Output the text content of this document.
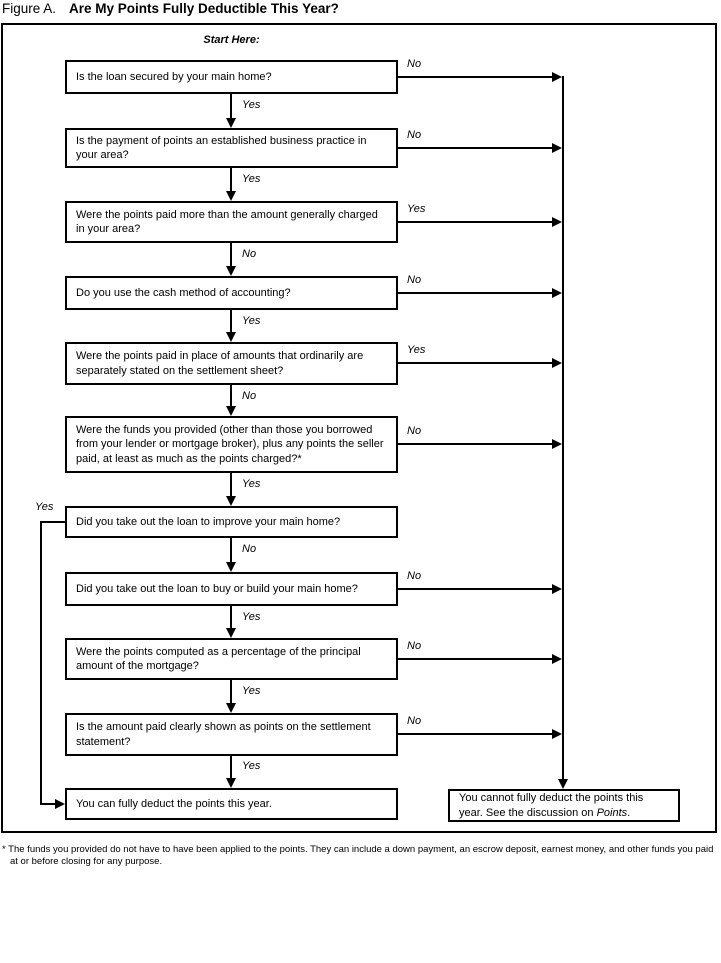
Figure A. Are My Points Fully Deductible This Year?
Start Here:
Is the loan secured by your main home?
Is the payment of points an established business practice in your area?
Were the points paid more than the amount generally charged in your area?
Do you use the cash method of accounting?
Were the points paid in place of amounts that ordinarily are separately stated on the settlement sheet?
Were the funds you provided (other than those you borrowed from your lender or mortgage broker), plus any points the seller paid, at least as much as the points charged?*
Did you take out the loan to improve your main home?
Did you take out the loan to buy or build your main home?
Were the points computed as a percentage of the principal amount of the mortgage?
Is the amount paid clearly shown as points on the settlement statement?
You can fully deduct the points this year.	You cannot fully deduct the points this year. See the discussion on Points.
Yes
Yes
No
Yes
No
Yes
No
Yes
Yes
Yes
No
No
Yes
No
Yes
No
No
No
No
Yes
* The funds you provided do not have to have been applied to the points. They can include a down payment, an escrow deposit, earnest money, and other funds you paid at or before closing for any purpose.
